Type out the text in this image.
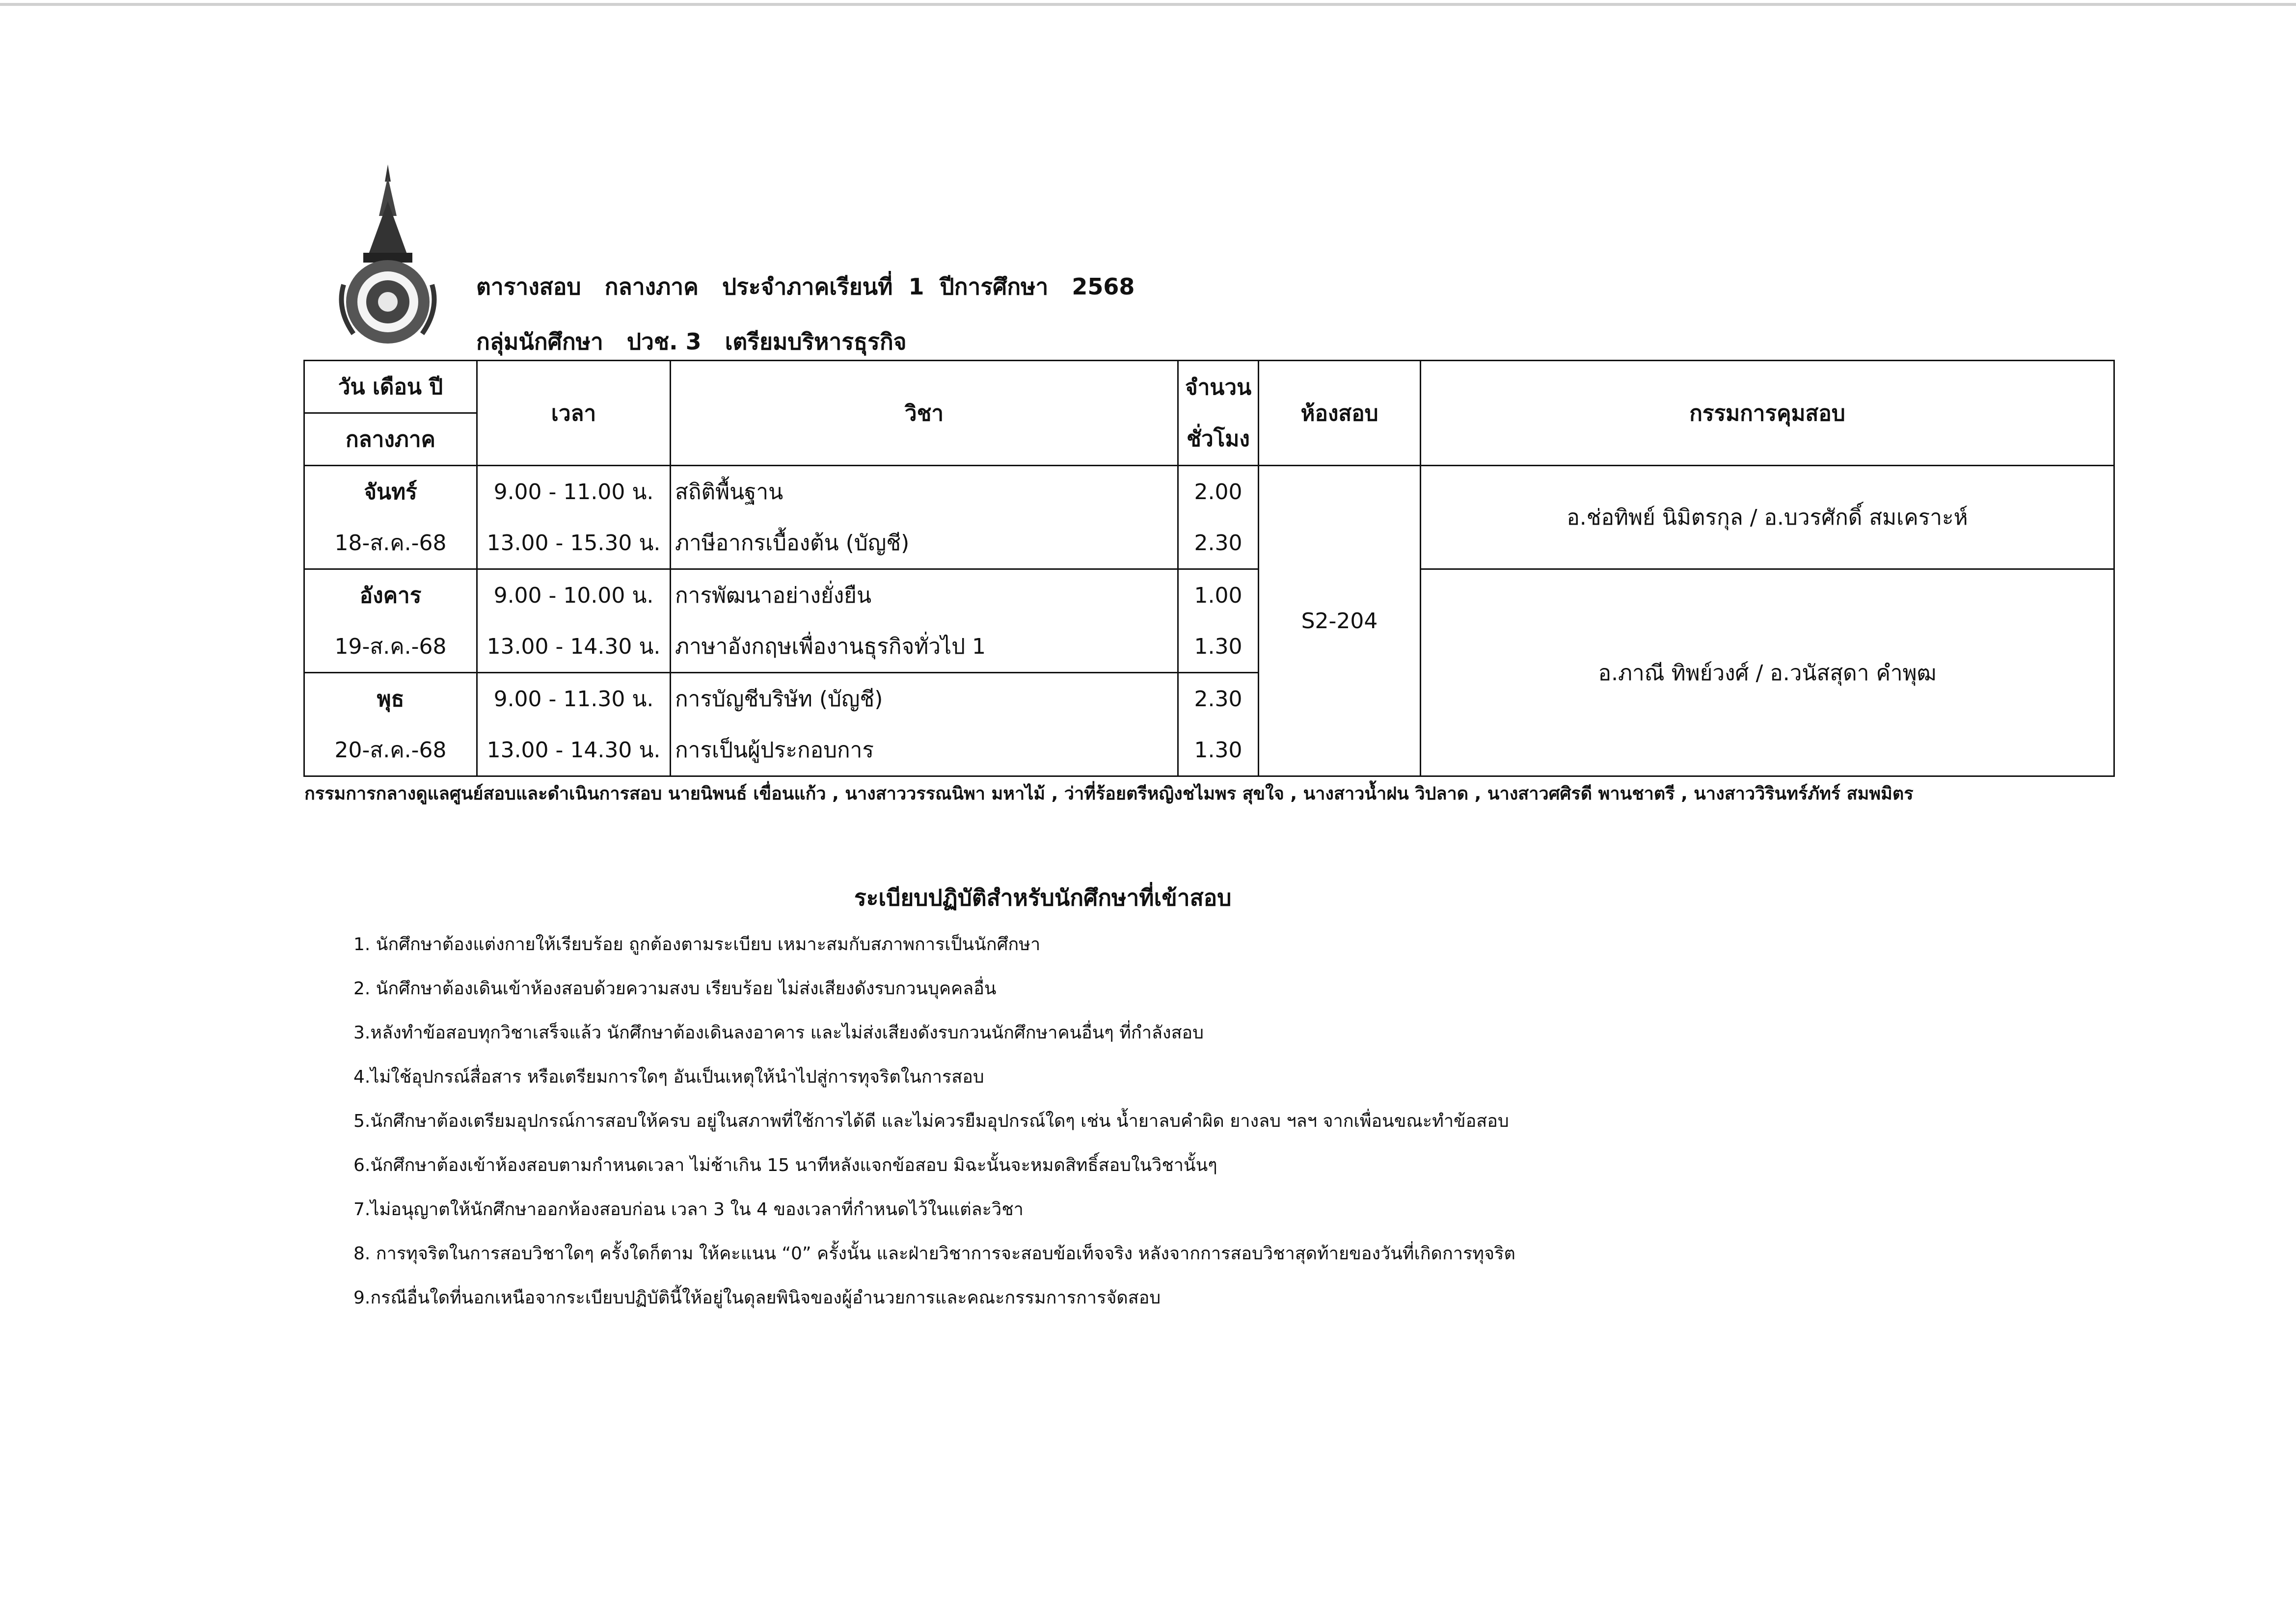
ตารางสอบ   กลางภาค   ประจำภาคเรียนที่  1  ปีการศึกษา   2568
กลุ่มนักศึกษา   ปวช. 3   เตรียมบริหารธุรกิจ
วัน เดือน ปี	เวลา	วิชา	จำนวน	ห้องสอบ	กรรมการคุมสอบ
กลางภาค			ชั่วโมง		
จันทร์	9.00 - 11.00 น.	สถิติพื้นฐาน	2.00	S2-204	อ.ช่อทิพย์ นิมิตรกุล / อ.บวรศักดิ์ สมเคราะห์
18-ส.ค.-68	13.00 - 15.30 น.	ภาษีอากรเบื้องต้น (บัญชี)	2.30		
อังคาร	9.00 - 10.00 น.	การพัฒนาอย่างยั่งยืน	1.00		อ.ภาณี ทิพย์วงศ์ / อ.วนัสสุดา คำพุฒ
19-ส.ค.-68	13.00 - 14.30 น.	ภาษาอังกฤษเพื่องานธุรกิจทั่วไป 1	1.30		
พุธ	9.00 - 11.30 น.	การบัญชีบริษัท (บัญชี)	2.30		
20-ส.ค.-68	13.00 - 14.30 น.	การเป็นผู้ประกอบการ	1.30		
กรรมการกลางดูแลศูนย์สอบและดำเนินการสอบ นายนิพนธ์ เขื่อนแก้ว , นางสาววรรณนิพา มหาไม้ , ว่าที่ร้อยตรีหญิงชไมพร สุขใจ , นางสาวน้ำฝน วิปลาด , นางสาวศศิรดี พานชาตรี , นางสาววิรินทร์ภัทร์ สมพมิตร
ระเบียบปฏิบัติสำหรับนักศึกษาที่เข้าสอบ
1. นักศึกษาต้องแต่งกายให้เรียบร้อย ถูกต้องตามระเบียบ เหมาะสมกับสภาพการเป็นนักศึกษา
2. นักศึกษาต้องเดินเข้าห้องสอบด้วยความสงบ เรียบร้อย ไม่ส่งเสียงดังรบกวนบุคคลอื่น
3.หลังทำข้อสอบทุกวิชาเสร็จแล้ว นักศึกษาต้องเดินลงอาคาร และไม่ส่งเสียงดังรบกวนนักศึกษาคนอื่นๆ ที่กำลังสอบ
4.ไม่ใช้อุปกรณ์สื่อสาร หรือเตรียมการใดๆ อันเป็นเหตุให้นำไปสู่การทุจริตในการสอบ
5.นักศึกษาต้องเตรียมอุปกรณ์การสอบให้ครบ อยู่ในสภาพที่ใช้การได้ดี และไม่ควรยืมอุปกรณ์ใดๆ เช่น น้ำยาลบคำผิด ยางลบ ฯลฯ จากเพื่อนขณะทำข้อสอบ
6.นักศึกษาต้องเข้าห้องสอบตามกำหนดเวลา ไม่ช้าเกิน 15 นาทีหลังแจกข้อสอบ มิฉะนั้นจะหมดสิทธิ์สอบในวิชานั้นๆ
7.ไม่อนุญาตให้นักศึกษาออกห้องสอบก่อน เวลา 3 ใน 4 ของเวลาที่กำหนดไว้ในแต่ละวิชา
8. การทุจริตในการสอบวิชาใดๆ ครั้งใดก็ตาม ให้คะแนน “0” ครั้งนั้น และฝ่ายวิชาการจะสอบข้อเท็จจริง หลังจากการสอบวิชาสุดท้ายของวันที่เกิดการทุจริต
9.กรณีอื่นใดที่นอกเหนือจากระเบียบปฏิบัตินี้ให้อยู่ในดุลยพินิจของผู้อำนวยการและคณะกรรมการการจัดสอบ
